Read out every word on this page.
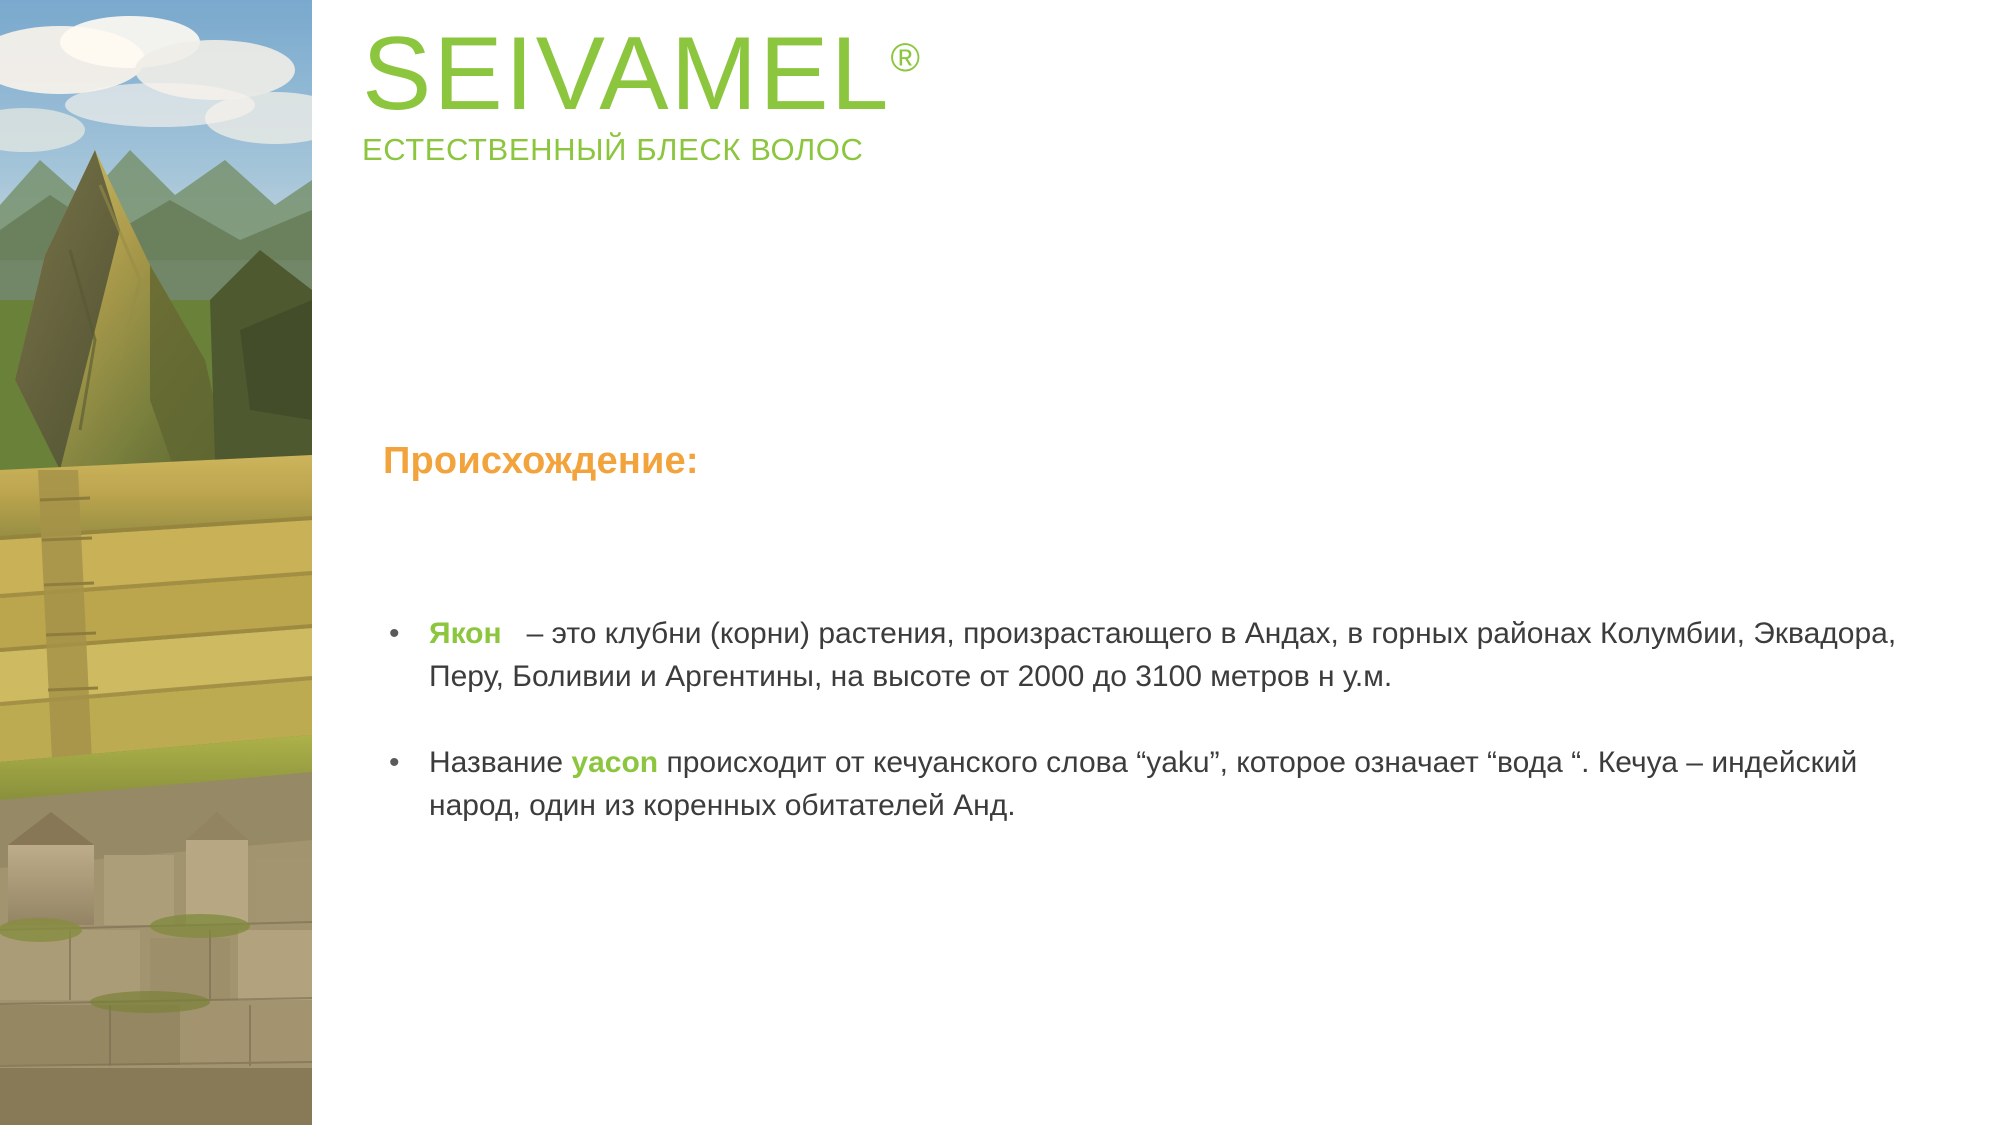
SEIVAMEL®
ЕСТЕСТВЕННЫЙ БЛЕСК ВОЛОС
Происхождение:
• Якон – это клубни (корни) растения, произрастающего в Андах, в горных районах Колумбии, Эквадора, Перу, Боливии и Аргентины, на высоте от 2000 до 3100 метров н у.м.
• Название yacon происходит от кечуанского слова “yaku”, которое означает “вода “. Кечуа – индейский народ, один из коренных обитателей Анд.
